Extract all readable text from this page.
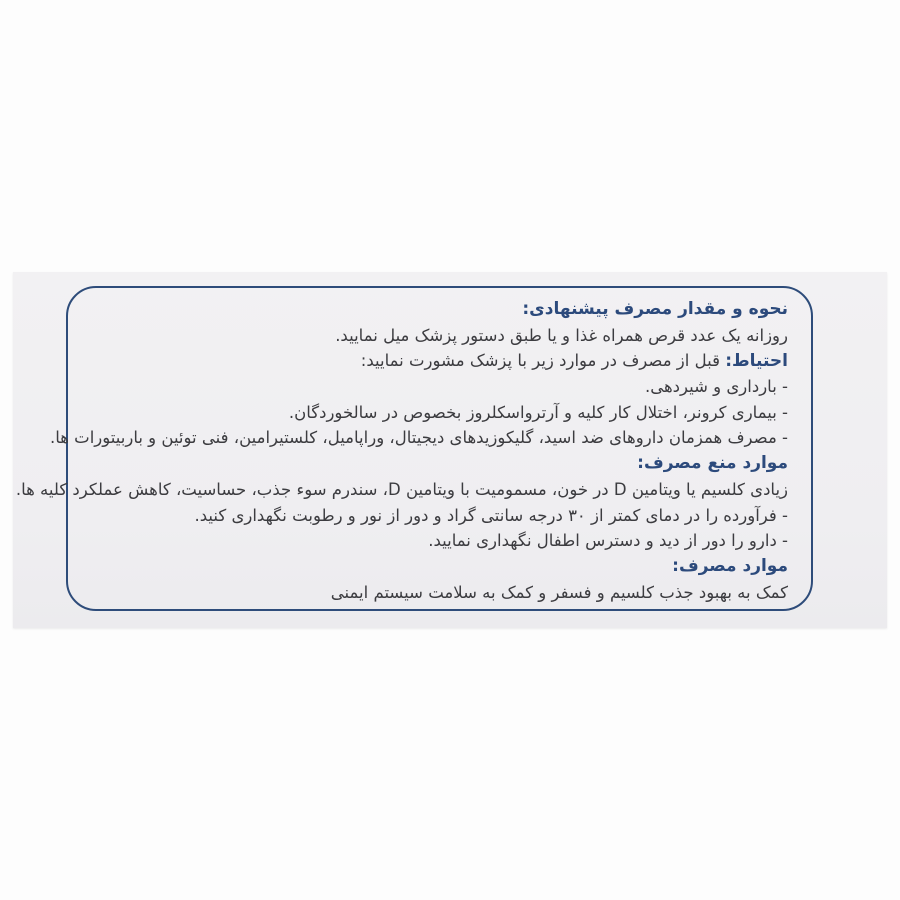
نحوه و مقدار مصرف پیشنهادی:
روزانه یک عدد قرص همراه غذا و یا طبق دستور پزشک میل نمایید.
احتیاط: قبل از مصرف در موارد زیر با پزشک مشورت نمایید:
- بارداری و شیردهی.
- بیماری کرونر، اختلال کار کلیه و آرترواسکلروز بخصوص در سالخوردگان.
- مصرف همزمان داروهای ضد اسید، گلیکوزیدهای دیجیتال، وراپامیل، کلستیرامین، فنی توئین و باربیتورات ها.
موارد منع مصرف:
زیادی کلسیم یا ویتامین D در خون، مسمومیت با ویتامین D، سندرم سوء جذب، حساسیت، کاهش عملکرد کلیه ها.
- فرآورده را در دمای کمتر از ۳۰ درجه سانتی گراد و دور از نور و رطوبت نگهداری کنید.
- دارو را دور از دید و دسترس اطفال نگهداری نمایید.
موارد مصرف:
کمک به بهبود جذب کلسیم و فسفر و کمک به سلامت سیستم ایمنی
